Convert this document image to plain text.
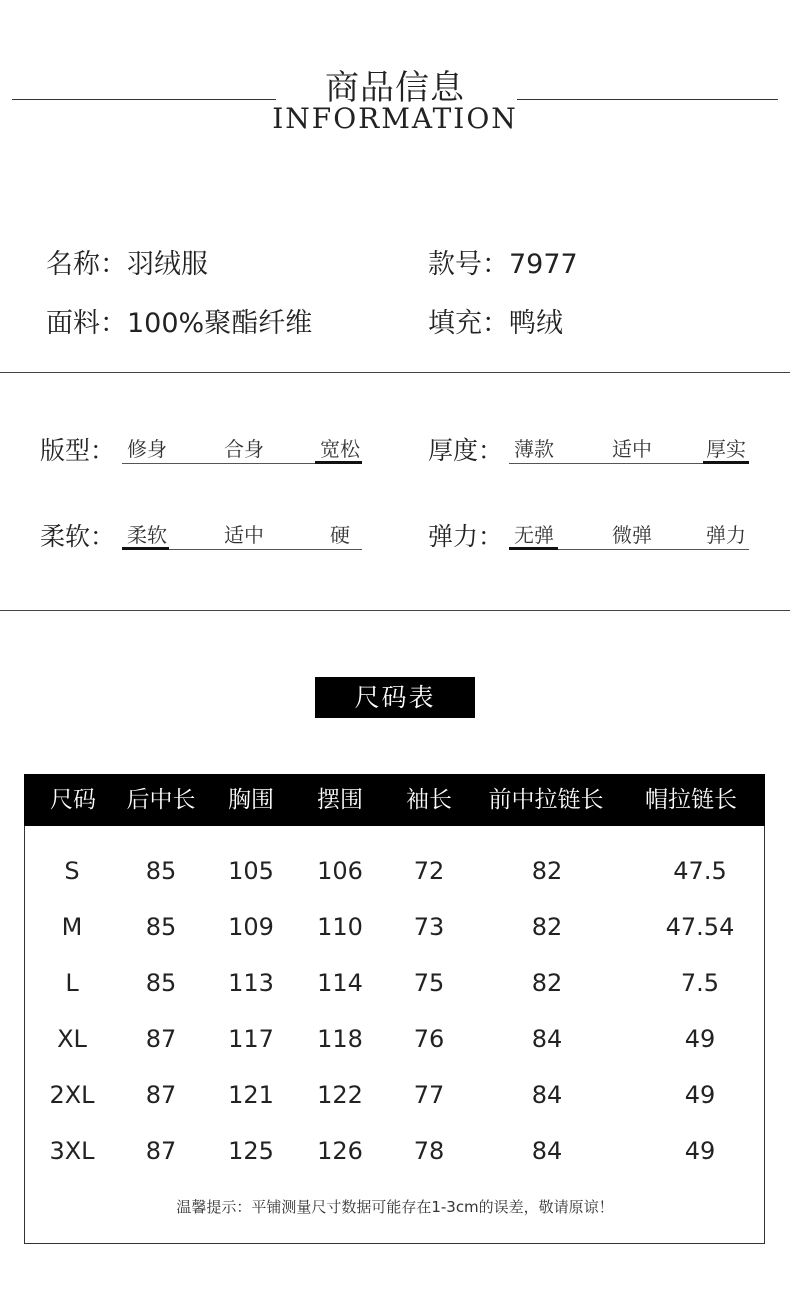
商品信息
INFORMATION
名称：羽绒服	款号：7977
面料：100%聚酯纤维	填充：鸭绒
版型： 修身	合身	宽松	厚度： 薄款	适中	厚实
柔软： 柔软	适中	硬	弹力： 无弹	微弹	弹力
尺码表
尺码	后中长	胸围	摆围	袖长	前中拉链长	帽拉链长
S	85	105	106	72	82	47.5
M	85	109	110	73	82	47.54
L	85	113	114	75	82	7.5
XL	87	117	118	76	84	49
2XL	87	121	122	77	84	49
3XL	87	125	126	78	84	49
温馨提示：平铺测量尺寸数据可能存在1-3cm的误差，敬请原谅！
